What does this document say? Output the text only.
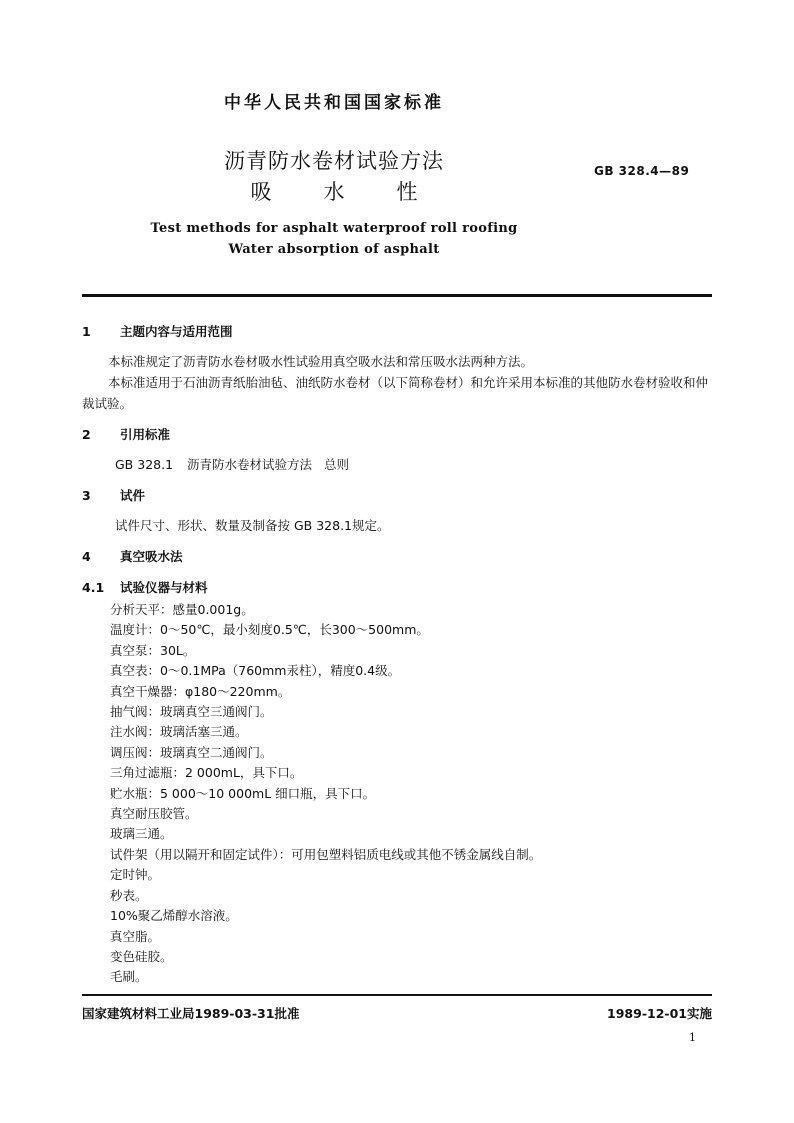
中华人民共和国国家标准
沥青防水卷材试验方法
吸 水 性
GB 328.4—89
Test methods for asphalt waterproof roll roofing
Water absorption of asphalt
1 主题内容与适用范围
本标准规定了沥青防水卷材吸水性试验用真空吸水法和常压吸水法两种方法。
本标准适用于石油沥青纸胎油毡、油纸防水卷材（以下简称卷材）和允许采用本标准的其他防水卷材验收和仲裁试验。
2 引用标准
GB 328.1 沥青防水卷材试验方法 总则
3 试件
试件尺寸、形状、数量及制备按 GB 328.1规定。
4 真空吸水法
4.1 试验仪器与材料
分析天平：感量0.001g。
温度计：0～50℃，最小刻度0.5℃，长300～500mm。
真空泵：30L。
真空表：0～0.1MPa（760mm汞柱），精度0.4级。
真空干燥器：φ180～220mm。
抽气阀：玻璃真空三通阀门。
注水阀：玻璃活塞三通。
调压阀：玻璃真空二通阀门。
三角过滤瓶：2 000mL，具下口。
贮水瓶：5 000～10 000mL 细口瓶，具下口。
真空耐压胶管。
玻璃三通。
试件架（用以隔开和固定试件）：可用包塑料铝质电线或其他不锈金属线自制。
定时钟。
秒表。
10%聚乙烯醇水溶液。
真空脂。
变色硅胶。
毛刷。
国家建筑材料工业局1989-03-31批准	1989-12-01实施
1
